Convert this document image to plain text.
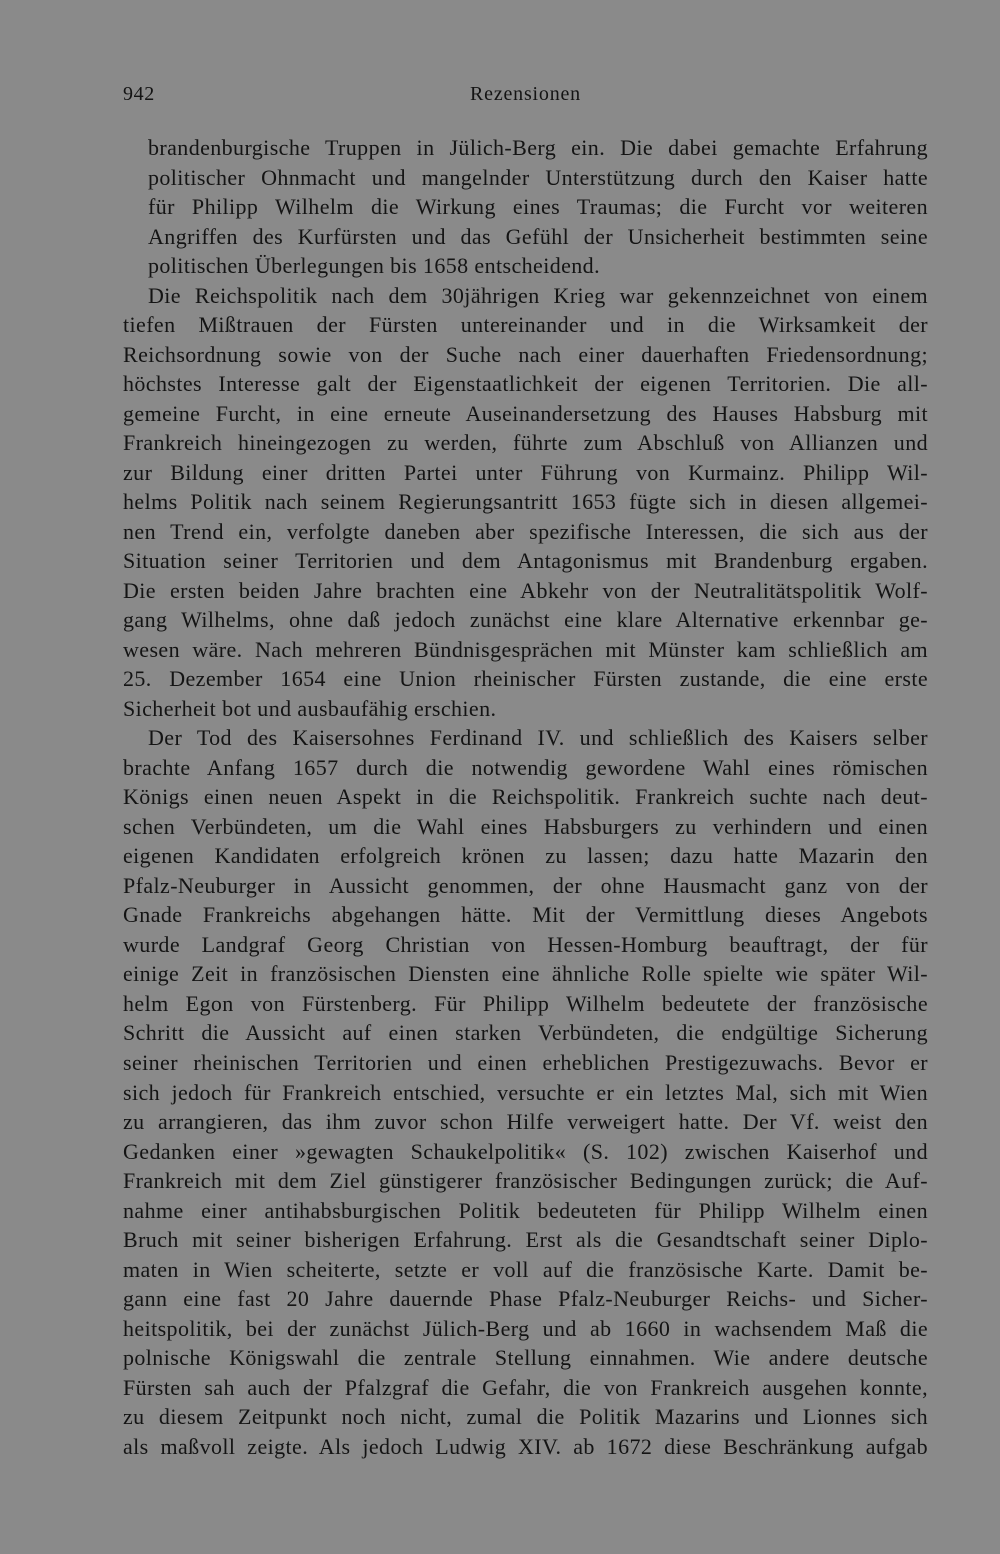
942	Rezensionen
brandenburgische Truppen in Jülich-Berg ein. Die dabei gemachte Erfahrung
politischer Ohnmacht und mangelnder Unterstützung durch den Kaiser hatte
für Philipp Wilhelm die Wirkung eines Traumas; die Furcht vor weiteren
Angriffen des Kurfürsten und das Gefühl der Unsicherheit bestimmten seine
politischen Überlegungen bis 1658 entscheidend.
Die Reichspolitik nach dem 30jährigen Krieg war gekennzeichnet von einem
tiefen Mißtrauen der Fürsten untereinander und in die Wirksamkeit der
Reichsordnung sowie von der Suche nach einer dauerhaften Friedensordnung;
höchstes Interesse galt der Eigenstaatlichkeit der eigenen Territorien. Die all-
gemeine Furcht, in eine erneute Auseinandersetzung des Hauses Habsburg mit
Frankreich hineingezogen zu werden, führte zum Abschluß von Allianzen und
zur Bildung einer dritten Partei unter Führung von Kurmainz. Philipp Wil-
helms Politik nach seinem Regierungsantritt 1653 fügte sich in diesen allgemei-
nen Trend ein, verfolgte daneben aber spezifische Interessen, die sich aus der
Situation seiner Territorien und dem Antagonismus mit Brandenburg ergaben.
Die ersten beiden Jahre brachten eine Abkehr von der Neutralitätspolitik Wolf-
gang Wilhelms, ohne daß jedoch zunächst eine klare Alternative erkennbar ge-
wesen wäre. Nach mehreren Bündnisgesprächen mit Münster kam schließlich am
25. Dezember 1654 eine Union rheinischer Fürsten zustande, die eine erste
Sicherheit bot und ausbaufähig erschien.
Der Tod des Kaisersohnes Ferdinand IV. und schließlich des Kaisers selber
brachte Anfang 1657 durch die notwendig gewordene Wahl eines römischen
Königs einen neuen Aspekt in die Reichspolitik. Frankreich suchte nach deut-
schen Verbündeten, um die Wahl eines Habsburgers zu verhindern und einen
eigenen Kandidaten erfolgreich krönen zu lassen; dazu hatte Mazarin den
Pfalz-Neuburger in Aussicht genommen, der ohne Hausmacht ganz von der
Gnade Frankreichs abgehangen hätte. Mit der Vermittlung dieses Angebots
wurde Landgraf Georg Christian von Hessen-Homburg beauftragt, der für
einige Zeit in französischen Diensten eine ähnliche Rolle spielte wie später Wil-
helm Egon von Fürstenberg. Für Philipp Wilhelm bedeutete der französische
Schritt die Aussicht auf einen starken Verbündeten, die endgültige Sicherung
seiner rheinischen Territorien und einen erheblichen Prestigezuwachs. Bevor er
sich jedoch für Frankreich entschied, versuchte er ein letztes Mal, sich mit Wien
zu arrangieren, das ihm zuvor schon Hilfe verweigert hatte. Der Vf. weist den
Gedanken einer »gewagten Schaukelpolitik« (S. 102) zwischen Kaiserhof und
Frankreich mit dem Ziel günstigerer französischer Bedingungen zurück; die Auf-
nahme einer antihabsburgischen Politik bedeuteten für Philipp Wilhelm einen
Bruch mit seiner bisherigen Erfahrung. Erst als die Gesandtschaft seiner Diplo-
maten in Wien scheiterte, setzte er voll auf die französische Karte. Damit be-
gann eine fast 20 Jahre dauernde Phase Pfalz-Neuburger Reichs- und Sicher-
heitspolitik, bei der zunächst Jülich-Berg und ab 1660 in wachsendem Maß die
polnische Königswahl die zentrale Stellung einnahmen. Wie andere deutsche
Fürsten sah auch der Pfalzgraf die Gefahr, die von Frankreich ausgehen konnte,
zu diesem Zeitpunkt noch nicht, zumal die Politik Mazarins und Lionnes sich
als maßvoll zeigte. Als jedoch Ludwig XIV. ab 1672 diese Beschränkung aufgab
